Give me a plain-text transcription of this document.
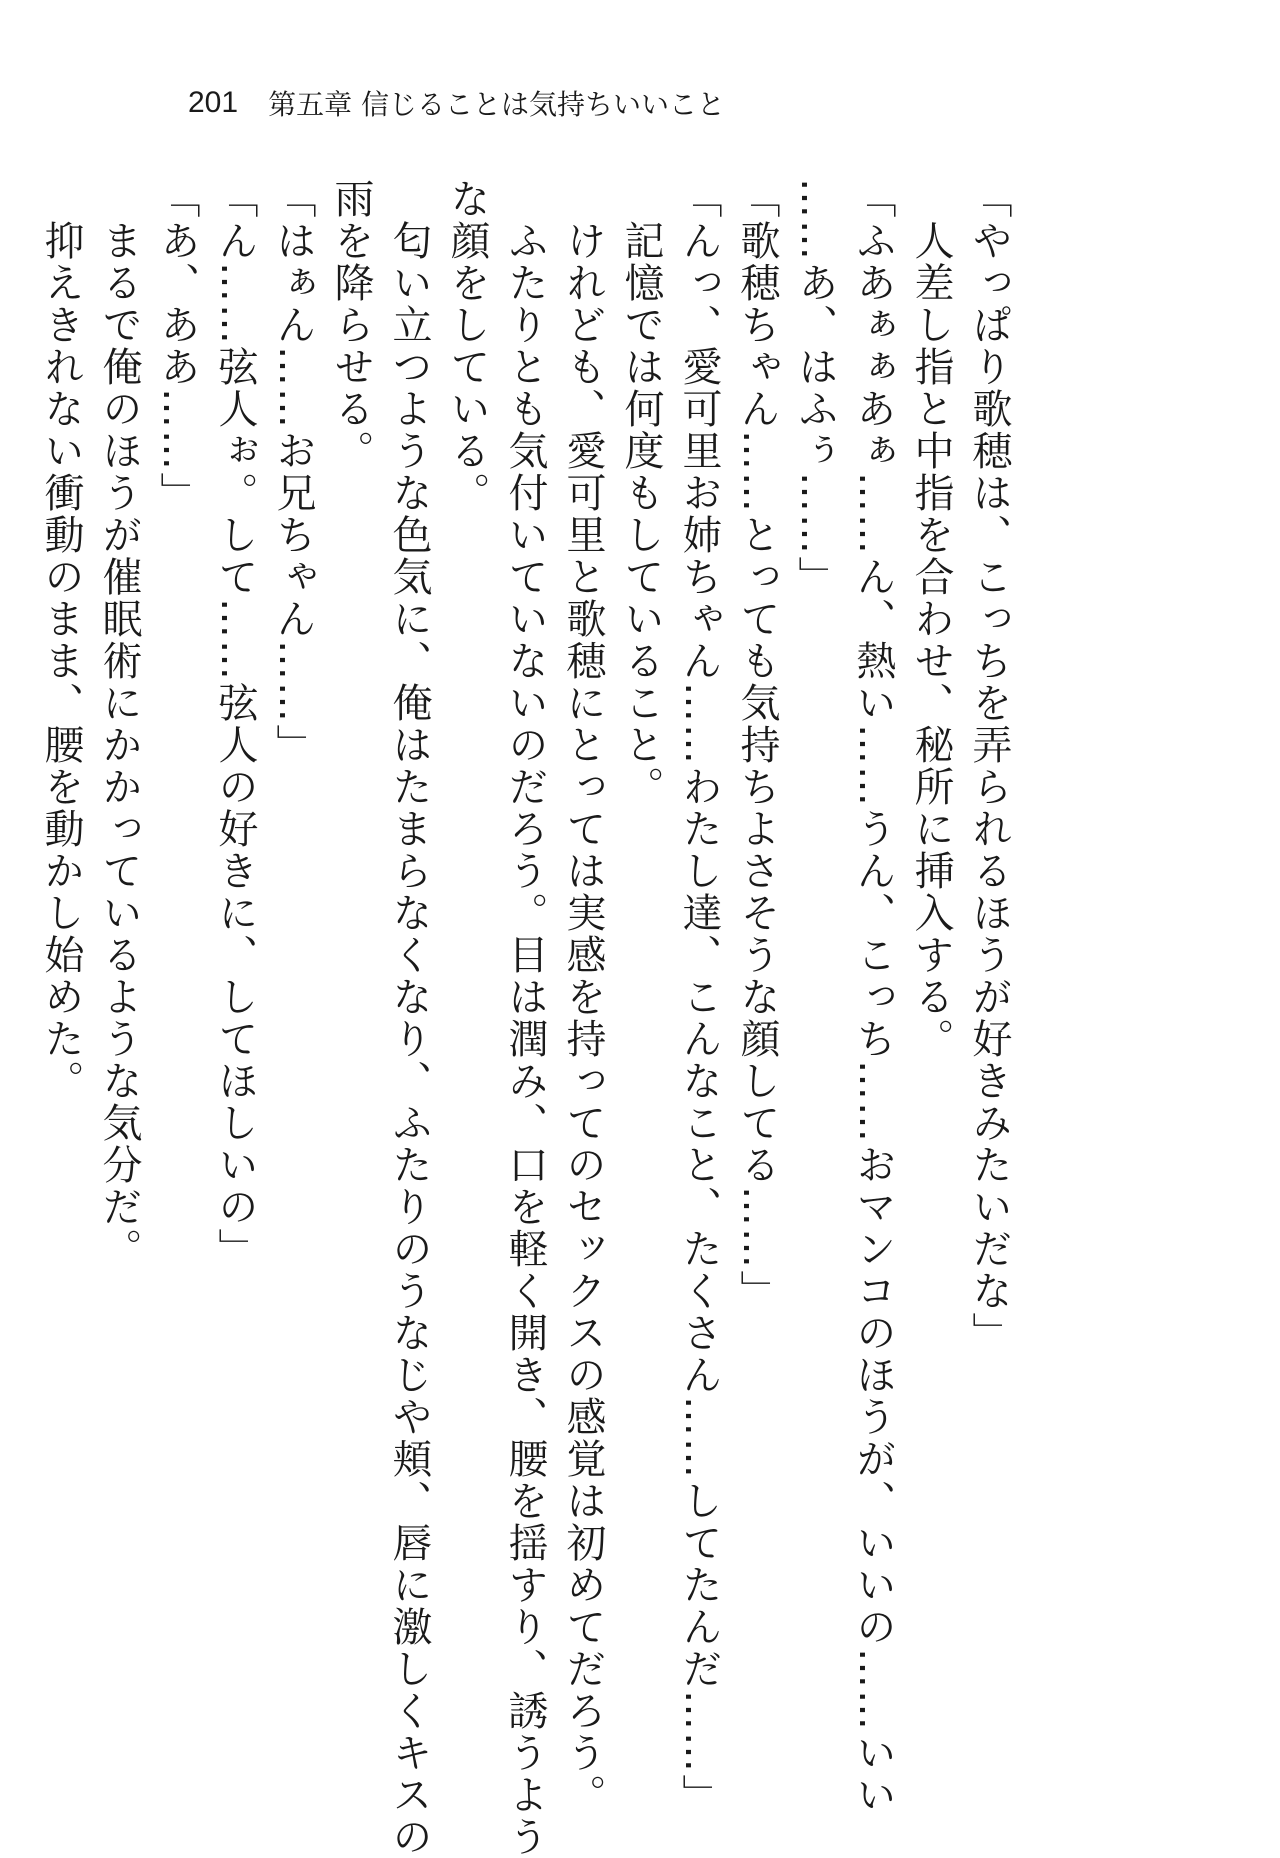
201 第五章 信じることは気持ちいいこと
「やっぱり歌穂は、こっちを弄られるほうが好きみたいだな」
　人差し指と中指を合わせ、秘所に挿入する。
「ふあぁぁあぁ……ん、熱い……うん、こっち……おマンコのほうが、いいの……いい
……あ、はふぅ……」
「歌穂ちゃん……とっても気持ちよさそうな顔してる……」
「んっ、愛可里お姉ちゃん……わたし達、こんなこと、たくさん……してたんだ……」
　記憶では何度もしていること。
　けれども、愛可里と歌穂にとっては実感を持ってのセックスの感覚は初めてだろう。
　ふたりとも気付いていないのだろう。目は潤み、口を軽く開き、腰を揺すり、誘うよう
な顔をしている。
　匂い立つような色気に、俺はたまらなくなり、ふたりのうなじや頬、唇に激しくキスの
雨を降らせる。
「はぁん……お兄ちゃん……」
「ん……弦人ぉ。して……弦人の好きに、してほしいの」
「あ、ああ……」
　まるで俺のほうが催眠術にかかっているような気分だ。
　抑えきれない衝動のまま、腰を動かし始めた。
